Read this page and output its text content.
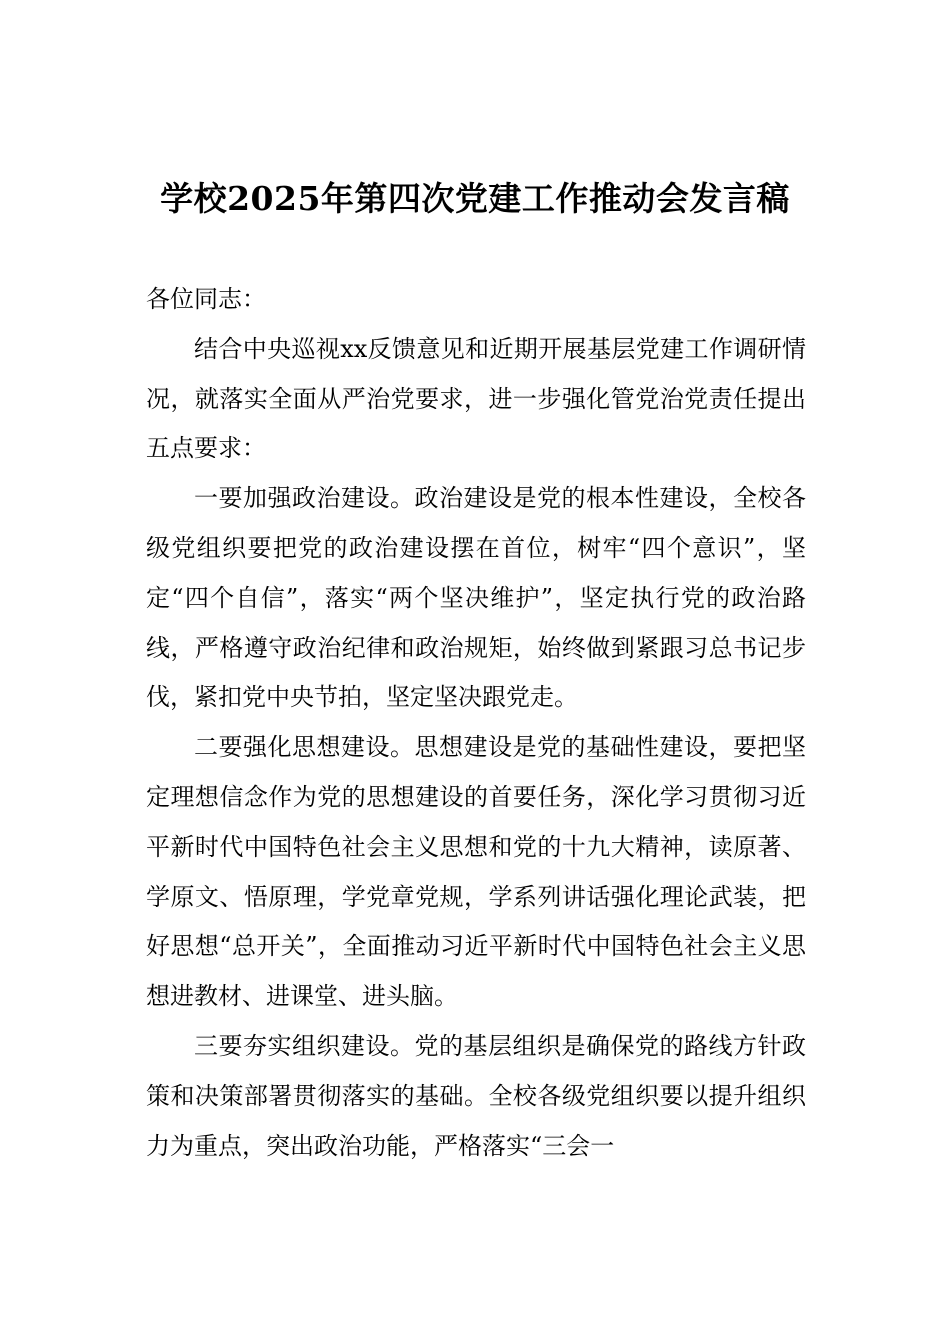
学校2025年第四次党建工作推动会发言稿

各位同志：

结合中央巡视xx反馈意见和近期开展基层党建工作调研情况，就落实全面从严治党要求，进一步强化管党治党责任提出五点要求：

一要加强政治建设。政治建设是党的根本性建设，全校各级党组织要把党的政治建设摆在首位，树牢“四个意识”，坚定“四个自信”，落实“两个坚决维护”，坚定执行党的政治路线，严格遵守政治纪律和政治规矩，始终做到紧跟习总书记步伐，紧扣党中央节拍，坚定坚决跟党走。

二要强化思想建设。思想建设是党的基础性建设，要把坚定理想信念作为党的思想建设的首要任务，深化学习贯彻习近平新时代中国特色社会主义思想和党的十九大精神，读原著、学原文、悟原理，学党章党规，学系列讲话强化理论武装，把好思想“总开关”，全面推动习近平新时代中国特色社会主义思想进教材、进课堂、进头脑。

三要夯实组织建设。党的基层组织是确保党的路线方针政策和决策部署贯彻落实的基础。全校各级党组织要以提升组织力为重点，突出政治功能，严格落实“三会一
